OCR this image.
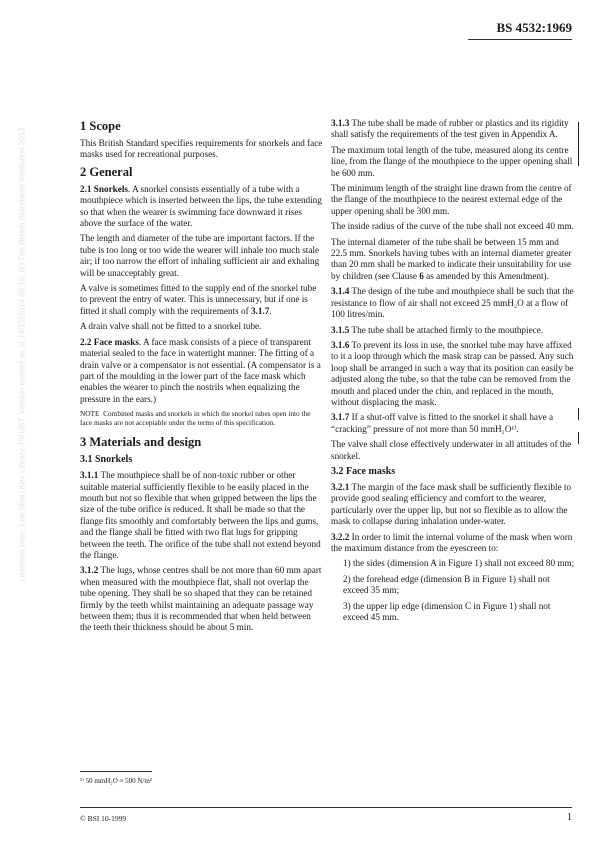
BS 4532:1969
Licensed copy: Lee Shau Kee Library, HKUST, Version correct as of 14/12/2014 08:15, (c) The British Standards Institution 2013
1 Scope

This British Standard specifies requirements for snorkels and face masks used for recreational purposes.

2 General

2.1 Snorkels. A snorkel consists essentially of a tube with a mouthpiece which is inserted between the lips, the tube extending so that when the wearer is swimming face downward it rises above the surface of the water.

The length and diameter of the tube are important factors. If the tube is too long or too wide the wearer will inhale too much stale air; if too narrow the effort of inhaling sufficient air and exhaling will be unacceptably great.

A valve is sometimes fitted to the supply end of the snorkel tube to prevent the entry of water. This is unnecessary, but if one is fitted it shall comply with the requirements of 3.1.7.

A drain valve shall not be fitted to a snorkel tube.

2.2 Face masks. A face mask consists of a piece of transparent material sealed to the face in watertight manner. The fitting of a drain valve or a compensator is not essential. (A compensator is a part of the moulding in the lower part of the face mask which enables the wearer to pinch the nostrils when equalizing the pressure in the ears.)

NOTE Combined masks and snorkels in which the snorkel tubes open into the face masks are not acceptable under the terms of this specification.

3 Materials and design
3.1 Snorkels

3.1.1 The mouthpiece shall be of non-toxic rubber or other suitable material sufficiently flexible to be easily placed in the mouth but not so flexible that when gripped between the lips the size of the tube orifice is reduced. It shall be made so that the flange fits smoothly and comfortably between the lips and gums, and the flange shall be fitted with two flat lugs for gripping between the teeth. The orifice of the tube shall not extend beyond the flange.

3.1.2 The lugs, whose centres shall be not more than 60 mm apart when measured with the mouthpiece flat, shall not overlap the tube opening. They shall be so shaped that they can be retained firmly by the teeth whilst maintaining an adequate passage way between them; thus it is recommended that when held between the teeth their thickness should be about 5 min.

3.1.3 The tube shall be made of rubber or plastics and its rigidity shall satisfy the requirements of the test given in Appendix A.

The maximum total length of the tube, measured along its centre line, from the flange of the mouthpiece to the upper opening shall be 600 mm.

The minimum length of the straight line drawn from the centre of the flange of the mouthpiece to the nearest external edge of the upper opening shall be 300 mm.

The inside radius of the curve of the tube shall not exceed 40 mm.

The internal diameter of the tube shall be between 15 mm and 22.5 mm. Snorkels having tubes with an internal diameter greater than 20 mm shall be marked to indicate their unsuitability for use by children (see Clause 6 as amended by this Amendment).

3.1.4 The design of the tube and mouthpiece shall be such that the resistance to flow of air shall not exceed 25 mmH₂O at a flow of 100 litres/min.

3.1.5 The tube shall be attached firmly to the mouthpiece.

3.1.6 To prevent its loss in use, the snorkel tube may have affixed to it a loop through which the mask strap can be passed. Any such loop shall be arranged in such a way that its position can easily be adjusted along the tube, so that the tube can be removed from the mouth and placed under the chin, and replaced in the mouth, without displacing the mask.

3.1.7 If a shut-off valve is fitted to the snorkel it shall have a “cracking” pressure of not more than 50 mmH₂O¹⁾.

The valve shall close effectively underwater in all attitudes of the snorkel.

3.2 Face masks

3.2.1 The margin of the face mask shall be sufficiently flexible to provide good sealing efficiency and comfort to the wearer, particularly over the upper lip, but not so flexible as to allow the mask to collapse during inhalation under-water.

3.2.2 In order to limit the internal volume of the mask when worn the maximum distance from the eyescreen to:

1) the sides (dimension A in Figure 1) shall not exceed 80 mm;
2) the forehead edge (dimension B in Figure 1) shall not exceed 35 mm;
3) the upper lip edge (dimension C in Figure 1) shall not exceed 45 mm.
¹⁾ 50 mmH₂O ≈ 500 N/m²
© BSI 10-1999	1
